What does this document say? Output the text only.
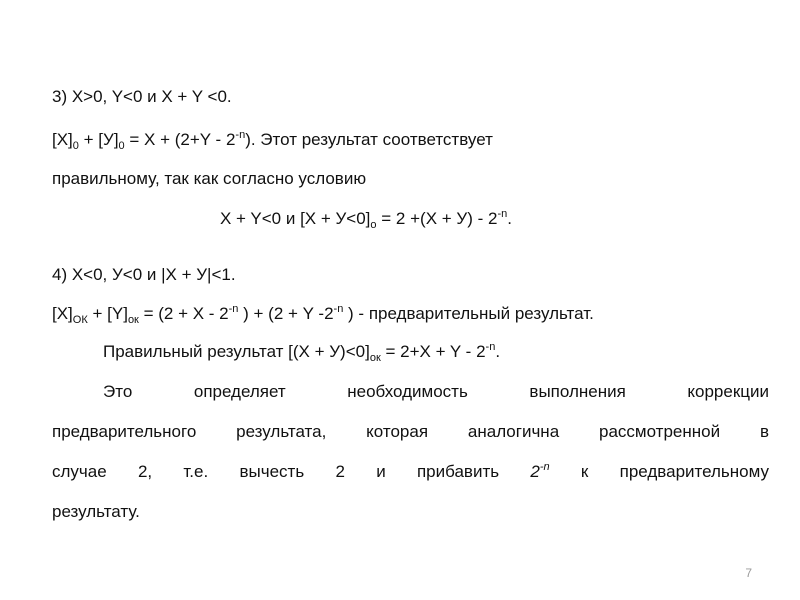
3) X>0, Y<0 и X + Y <0.
$[X]_0 + [У]_0 = X + (2+Y - 2^{-n})$. Этот результат соответствует
правильному, так как согласно условию
X + Y<0 и $[X + У<0]_о = 2 +(X + У) - 2^{-n}$.
4) X<0, У<0 и |X + У|<1.
$[X]_{ОК} + [Y]_{ок} = (2 + X - 2^{-n}$ ) + (2 + Y $-2^{-n}$ ) - предварительный результат.
Правильный результат $[(X + У)<0]_{ок} = 2+X + Y - 2^{-n}$.
Это определяет необходимость выполнения коррекции
предварительного результата, которая аналогична рассмотренной в
случае 2, т.е. вычесть 2 и прибавить $2^{-n}$ к предварительному
результату.
7
